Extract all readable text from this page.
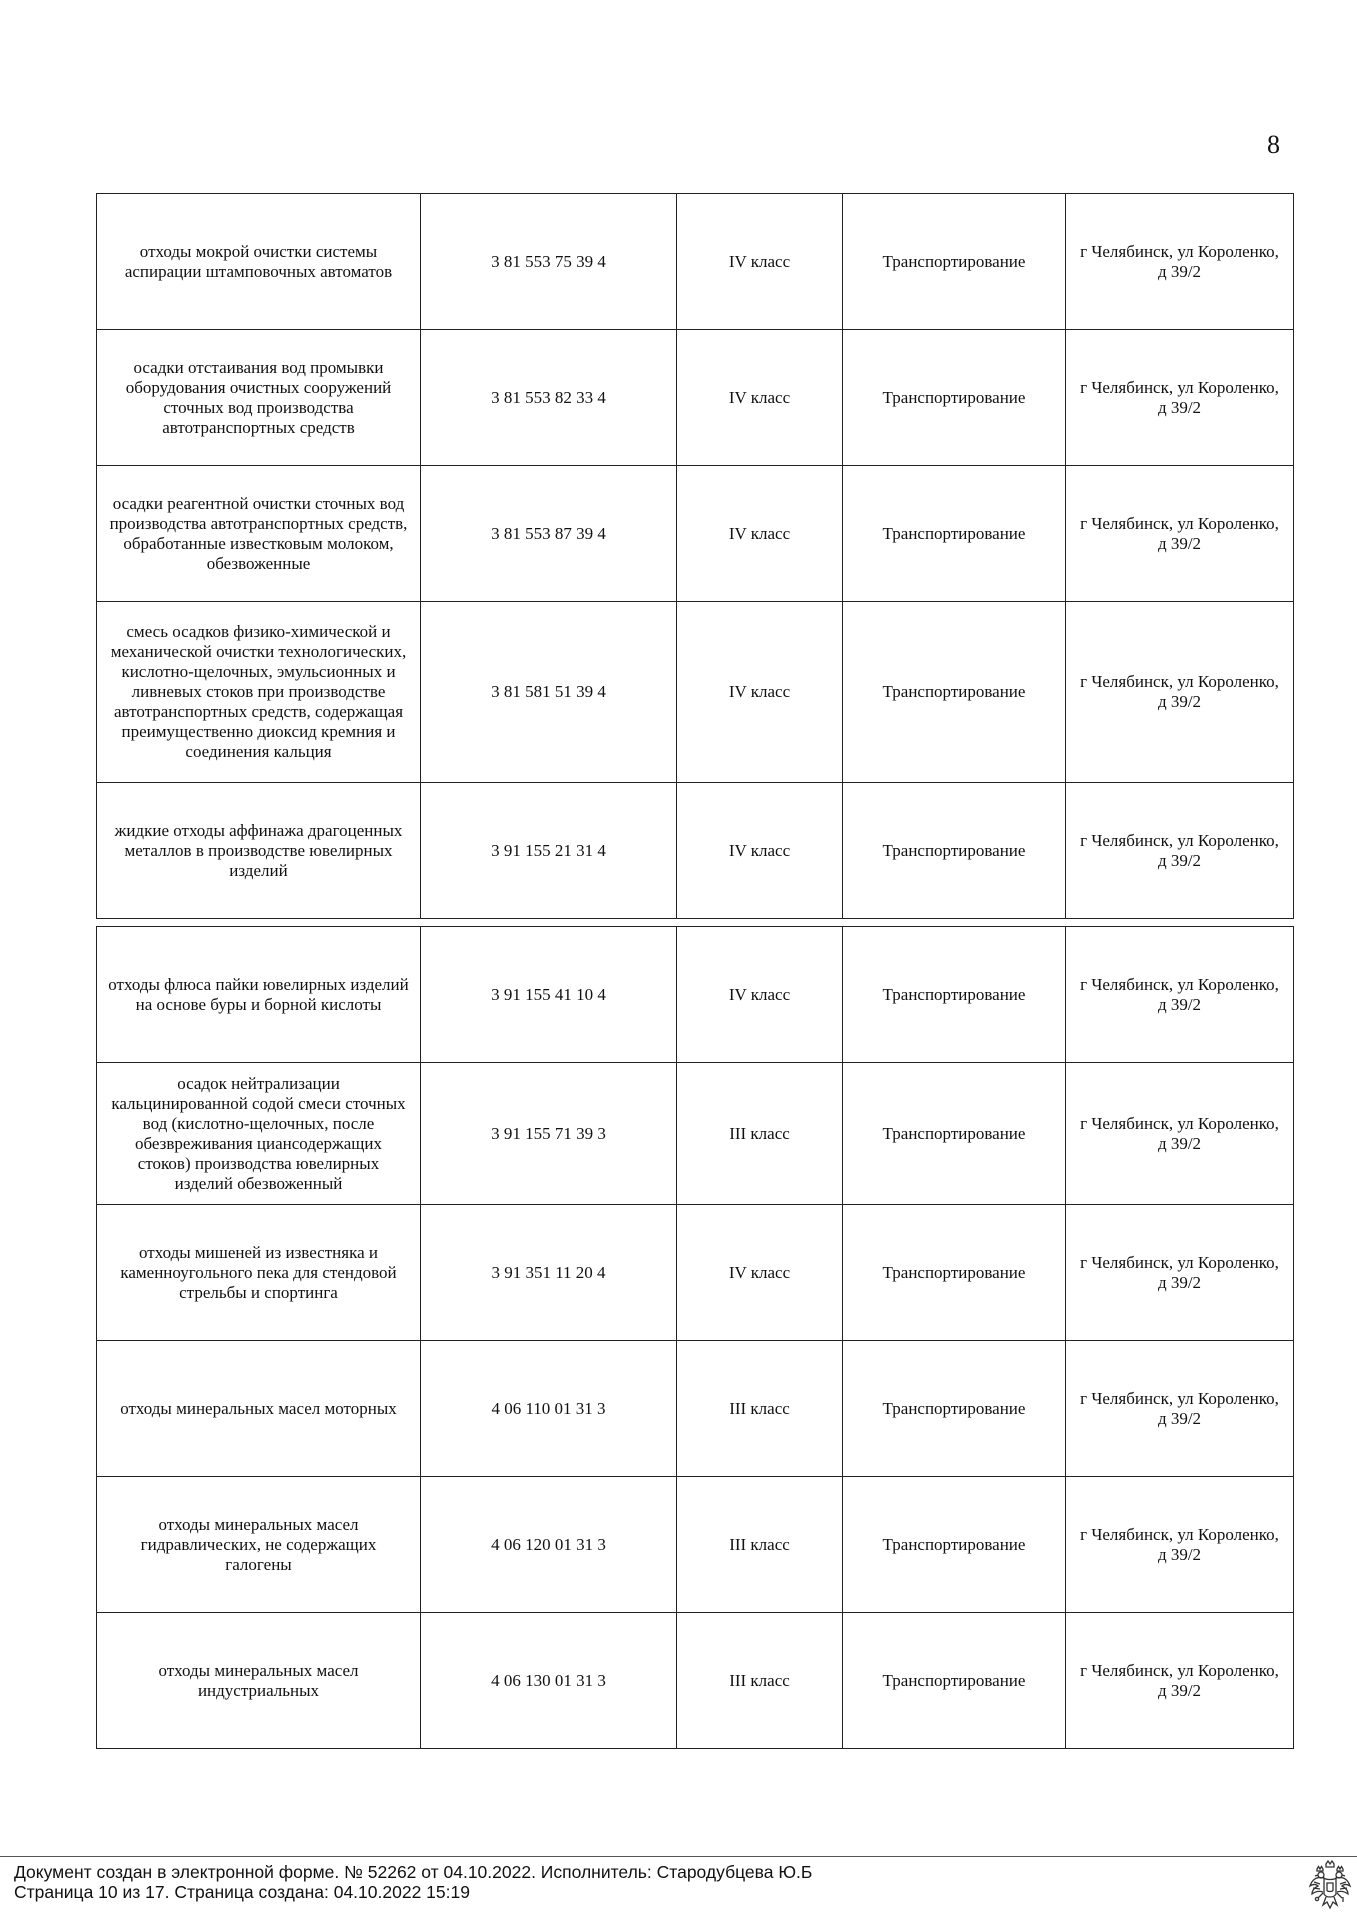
8
отходы мокрой очистки системы аспирации штамповочных автоматов	3 81 553 75 39 4	IV класс	Транспортирование	г Челябинск, ул Короленко, д 39/2
осадки отстаивания вод промывки оборудования очистных сооружений сточных вод производства автотранспортных средств	3 81 553 82 33 4	IV класс	Транспортирование	г Челябинск, ул Короленко, д 39/2
осадки реагентной очистки сточных вод производства автотранспортных средств, обработанные известковым молоком, обезвоженные	3 81 553 87 39 4	IV класс	Транспортирование	г Челябинск, ул Короленко, д 39/2
смесь осадков физико-химической и механической очистки технологических, кислотно-щелочных, эмульсионных и ливневых стоков при производстве автотранспортных средств, содержащая преимущественно диоксид кремния и соединения кальция	3 81 581 51 39 4	IV класс	Транспортирование	г Челябинск, ул Короленко, д 39/2
жидкие отходы аффинажа драгоценных металлов в производстве ювелирных изделий	3 91 155 21 31 4	IV класс	Транспортирование	г Челябинск, ул Короленко, д 39/2
отходы флюса пайки ювелирных изделий на основе буры и борной кислоты	3 91 155 41 10 4	IV класс	Транспортирование	г Челябинск, ул Короленко, д 39/2
осадок нейтрализации кальцинированной содой смеси сточных вод (кислотно-щелочных, после обезвреживания циансодержащих стоков) производства ювелирных изделий обезвоженный	3 91 155 71 39 3	III класс	Транспортирование	г Челябинск, ул Короленко, д 39/2
отходы мишеней из известняка и каменноугольного пека для стендовой стрельбы и спортинга	3 91 351 11 20 4	IV класс	Транспортирование	г Челябинск, ул Короленко, д 39/2
отходы минеральных масел моторных	4 06 110 01 31 3	III класс	Транспортирование	г Челябинск, ул Короленко, д 39/2
отходы минеральных масел гидравлических, не содержащих галогены	4 06 120 01 31 3	III класс	Транспортирование	г Челябинск, ул Короленко, д 39/2
отходы минеральных масел индустриальных	4 06 130 01 31 3	III класс	Транспортирование	г Челябинск, ул Короленко, д 39/2
Документ создан в электронной форме. № 52262 от 04.10.2022. Исполнитель: Стародубцева Ю.Б
Страница 10 из 17. Страница создана: 04.10.2022 15:19
